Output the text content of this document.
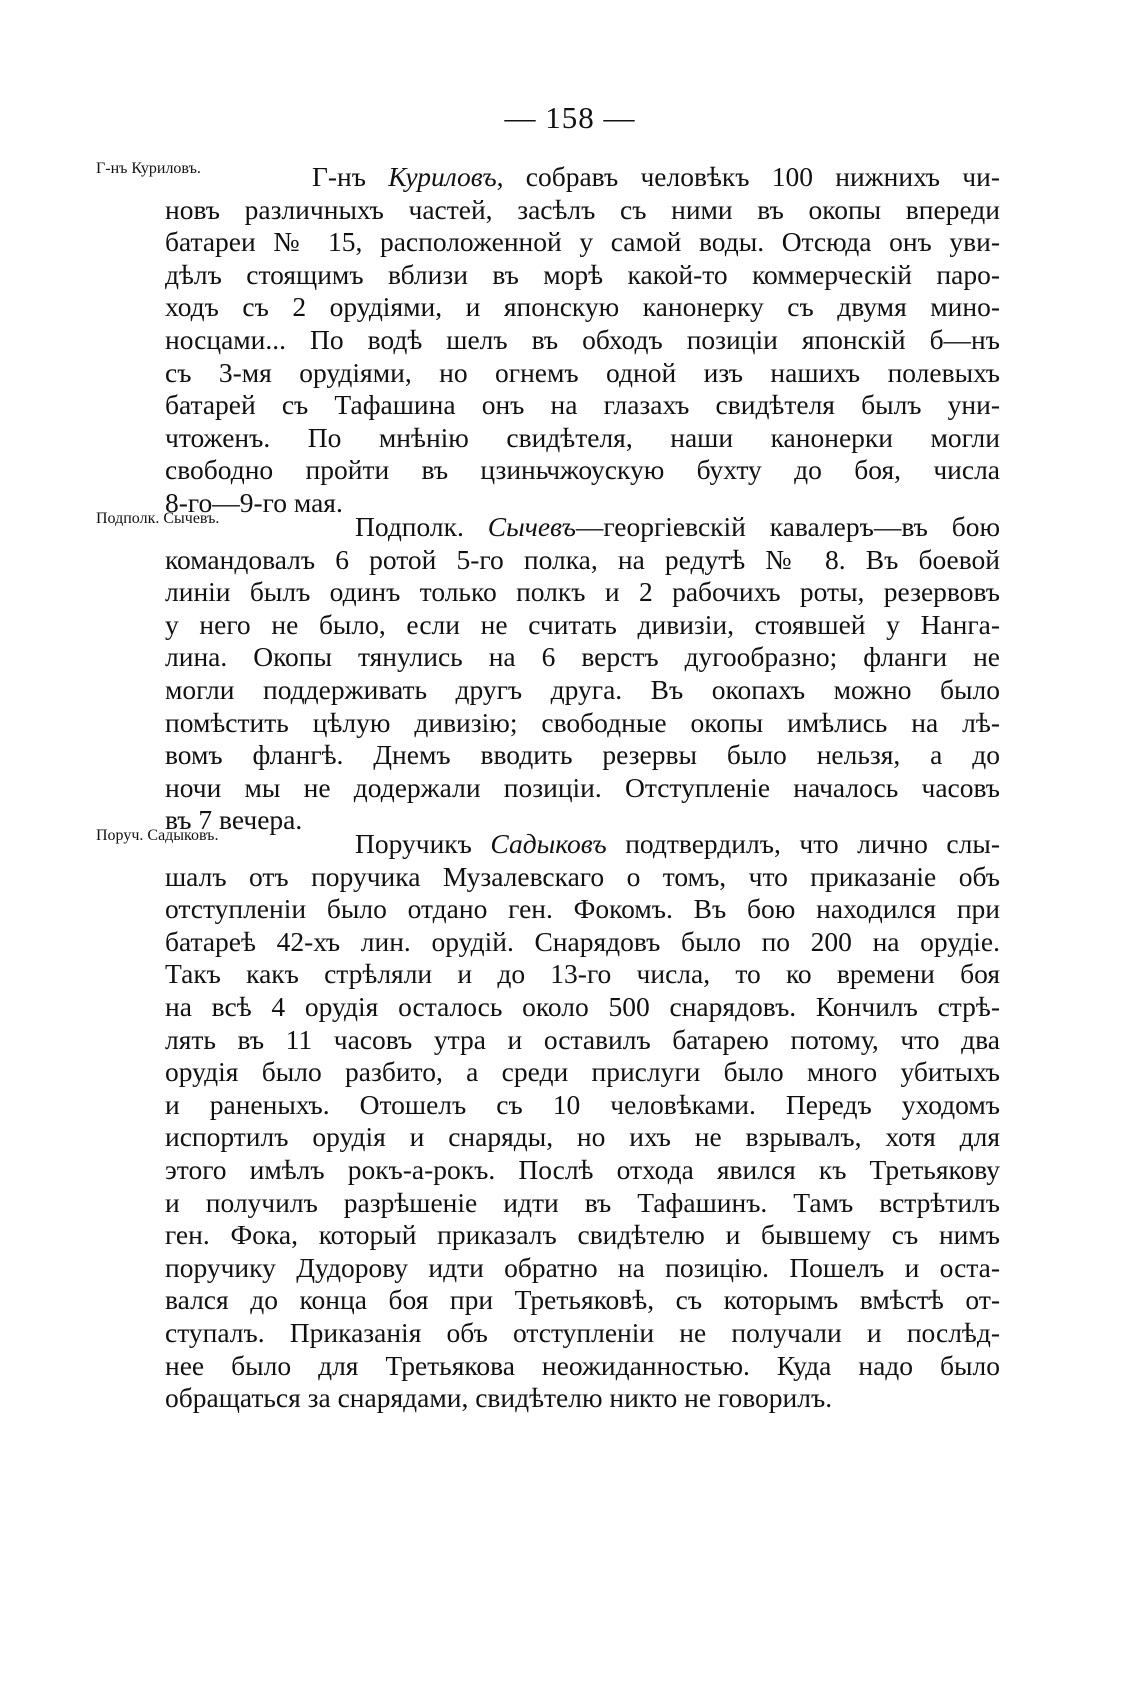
— 158 —
Г-нъ Куриловъ.	Г-нъ Куриловъ, собравъ человѣкъ 100 нижнихъ чи-
новъ различныхъ частей, засѣлъ съ ними въ окопы впереди
батареи № 15, расположенной у самой воды. Отсюда онъ уви-
дѣлъ стоящимъ вблизи въ морѣ какой-то коммерческій паро-
ходъ съ 2 орудіями, и японскую канонерку съ двумя мино-
носцами... По водѣ шелъ въ обходъ позиціи японскій б—нъ
съ 3-мя орудіями, но огнемъ одной изъ нашихъ полевыхъ
батарей съ Тафашина онъ на глазахъ свидѣтеля былъ уни-
чтоженъ. По мнѣнію свидѣтеля, наши канонерки могли
свободно пройти въ цзиньчжоускую бухту до боя, числа
8-го—9-го мая.
Подполк. Сычевъ.	Подполк. Сычевъ—георгіевскій кавалеръ—въ бою
командовалъ 6 ротой 5-го полка, на редутѣ № 8. Въ боевой
линіи былъ одинъ только полкъ и 2 рабочихъ роты, резервовъ
у него не было, если не считать дивизіи, стоявшей у Нанга-
лина. Окопы тянулись на 6 верстъ дугообразно; фланги не
могли поддерживать другъ друга. Въ окопахъ можно было
помѣстить цѣлую дивизію; свободные окопы имѣлись на лѣ-
вомъ флангѣ. Днемъ вводить резервы было нельзя, а до
ночи мы не додержали позиціи. Отступленіе началось часовъ
въ 7 вечера.
Поруч. Садыковъ.	Поручикъ Садыковъ подтвердилъ, что лично слы-
шалъ отъ поручика Музалевскаго о томъ, что приказаніе объ
отступленіи было отдано ген. Фокомъ. Въ бою находился при
батареѣ 42-хъ лин. орудій. Снарядовъ было по 200 на орудіе.
Такъ какъ стрѣляли и до 13-го числа, то ко времени боя
на всѣ 4 орудія осталось около 500 снарядовъ. Кончилъ стрѣ-
лять въ 11 часовъ утра и оставилъ батарею потому, что два
орудія было разбито, а среди прислуги было много убитыхъ
и раненыхъ. Отошелъ съ 10 человѣками. Передъ уходомъ
испортилъ орудія и снаряды, но ихъ не взрывалъ, хотя для
этого имѣлъ рокъ-а-рокъ. Послѣ отхода явился къ Третьякову
и получилъ разрѣшеніе идти въ Тафашинъ. Тамъ встрѣтилъ
ген. Фока, который приказалъ свидѣтелю и бывшему съ нимъ
поручику Дудорову идти обратно на позицію. Пошелъ и оста-
вался до конца боя при Третьяковѣ, съ которымъ вмѣстѣ от-
ступалъ. Приказанія объ отступленіи не получали и послѣд-
нее было для Третьякова неожиданностью. Куда надо было
обращаться за снарядами, свидѣтелю никто не говорилъ.
